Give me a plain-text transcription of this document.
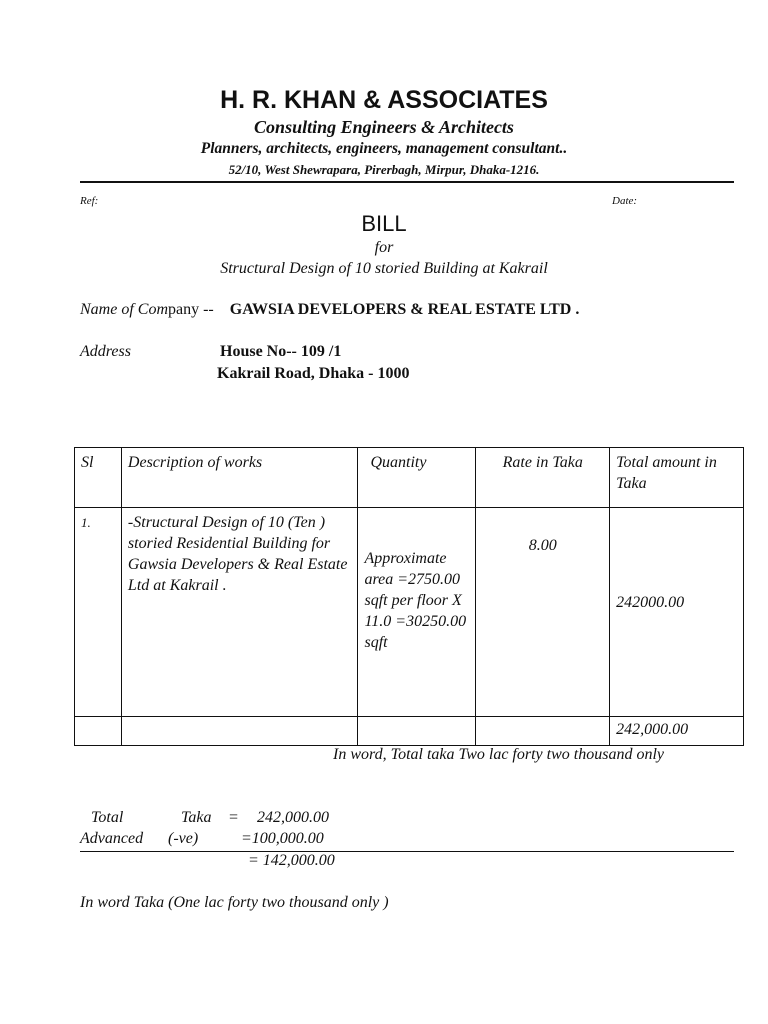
H. R. KHAN & ASSOCIATES
Consulting Engineers & Architects
Planners, architects, engineers, management consultant..
52/10, West Shewrapara, Pirerbagh, Mirpur, Dhaka-1216.
Ref:	Date:
BILL
for
Structural Design of 10 storied Building at Kakrail
Name of Company -- GAWSIA DEVELOPERS & REAL ESTATE LTD .
Address	House No-- 109 /1
Kakrail Road, Dhaka - 1000
Sl	Description of works	Quantity	Rate in Taka	Total amount in Taka
1.	-Structural Design of 10 (Ten ) storied Residential Building for Gawsia Developers & Real Estate Ltd at Kakrail .	Approximate area =2750.00 sqft per floor X 11.0 =30250.00 sqft	8.00	242000.00
				242,000.00
In word, Total taka Two lac forty two thousand only
Total	Taka = 242,000.00
Advanced (-ve)	=100,000.00
= 142,000.00
In word Taka (One lac forty two thousand only )
